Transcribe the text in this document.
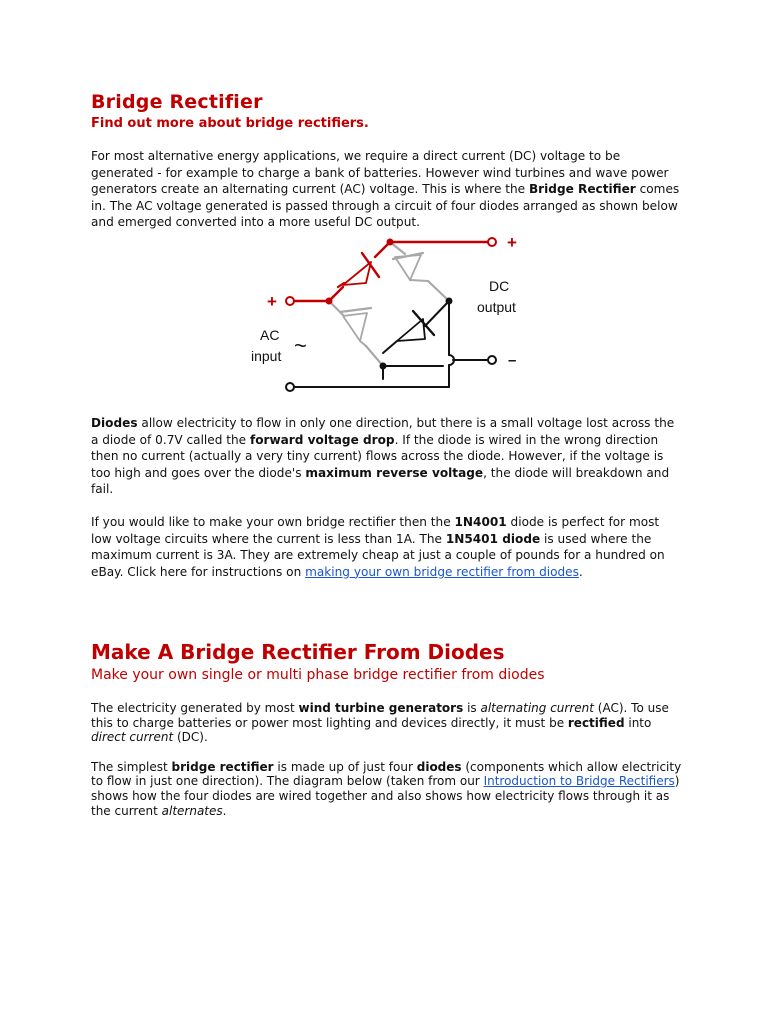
Bridge Rectifier
Find out more about bridge rectifiers.

For most alternative energy applications, we require a direct current (DC) voltage to be generated - for example to charge a bank of batteries. However wind turbines and wave power generators create an alternating current (AC) voltage. This is where the Bridge Rectifier comes in. The AC voltage generated is passed through a circuit of four diodes arranged as shown below and emerged converted into a more useful DC output.

Diodes allow electricity to flow in only one direction, but there is a small voltage lost across the a diode of 0.7V called the forward voltage drop. If the diode is wired in the wrong direction then no current (actually a very tiny current) flows across the diode. However, if the voltage is too high and goes over the diode's maximum reverse voltage, the diode will breakdown and fail.

If you would like to make your own bridge rectifier then the 1N4001 diode is perfect for most low voltage circuits where the current is less than 1A. The 1N5401 diode is used where the maximum current is 3A. They are extremely cheap at just a couple of pounds for a hundred on eBay. Click here for instructions on making your own bridge rectifier from diodes.

+
+
–
DC
output
AC
input ~
Make A Bridge Rectifier From Diodes
Make your own single or multi phase bridge rectifier from diodes

The electricity generated by most wind turbine generators is alternating current (AC). To use this to charge batteries or power most lighting and devices directly, it must be rectified into direct current (DC).

The simplest bridge rectifier is made up of just four diodes (components which allow electricity to flow in just one direction). The diagram below (taken from our Introduction to Bridge Rectifiers) shows how the four diodes are wired together and also shows how electricity flows through it as the current alternates.
